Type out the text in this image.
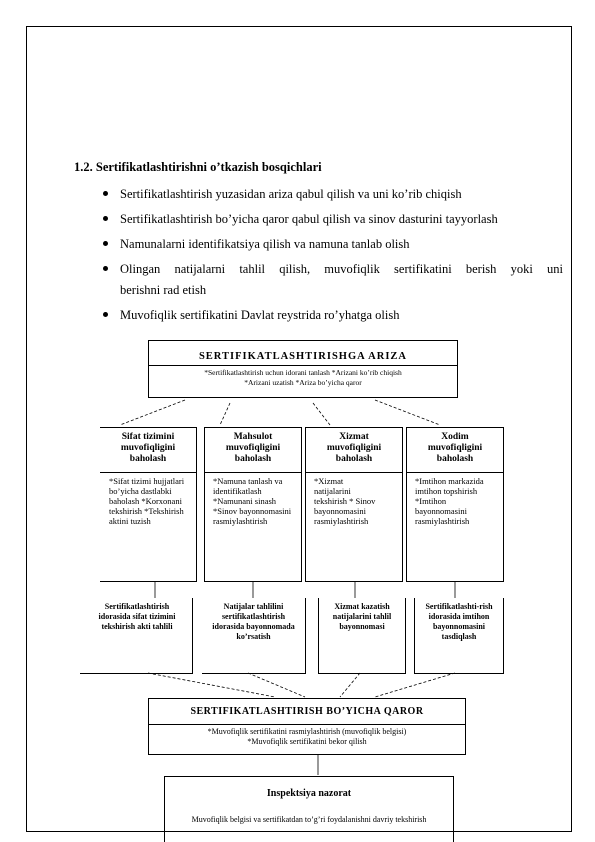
1.2. Sertifikatlashtirishni o’tkazish bosqichlari
Sertifikatlashtirish yuzasidan ariza qabul qilish va uni ko’rib chiqish
Sertifikatlashtirish bo’yicha qaror qabul qilish va sinov dasturini tayyorlash
Namunalarni identifikatsiya qilish va namuna tanlab olish
Olingan natijalarni tahlil qilish, muvofiqlik sertifikatini berish yoki uni
berishni rad etish
Muvofiqlik sertifikatini Davlat reystrida ro’yhatga olish
SERTIFIKATLASHTIRISHGA ARIZA
*Sertifikatlashtirish uchun idorani tanlash *Arizani ko’rib chiqish
*Arizani uzatish *Ariza bo’yicha qaror
Sifat tizimini muvofiqligini baholash
*Sifat tizimi hujjatlari bo’yicha dastlabki baholash *Korxonani tekshirish *Tekshirish aktini tuzish
Mahsulot muvofiqligini baholash
*Namuna tanlash va identifikatlash *Namunani sinash *Sinov bayonnomasini rasmiylashtirish
Xizmat muvofiqligini baholash
*Xizmat natijalarini tekshirish * Sinov bayonnomasini rasmiylashtirish
Xodim muvofiqligini baholash
*Imtihon markazida imtihon topshirish *Imtihon bayonnomasini rasmiylashtirish
Sertifikatlashtirish idorasida sifat tizimini tekshirish akti tahlili
Natijalar tahlilini sertifikatlashtirish idorasida bayonnomada ko’rsatish
Xizmat kazatish natijalarini tahlil bayonnomasi
Sertifikatlashti-rish idorasida imtihon bayonnomasini tasdiqlash
SERTIFIKATLASHTIRISH BO’YICHA QAROR
*Muvofiqlik sertifikatini rasmiylashtirish (muvofiqlik belgisi)
*Muvofiqlik sertifikatini bekor qilish
Inspektsiya nazorat
Muvofiqlik belgisi va sertifikatdan to’g’ri foydalanishni davriy tekshirish
